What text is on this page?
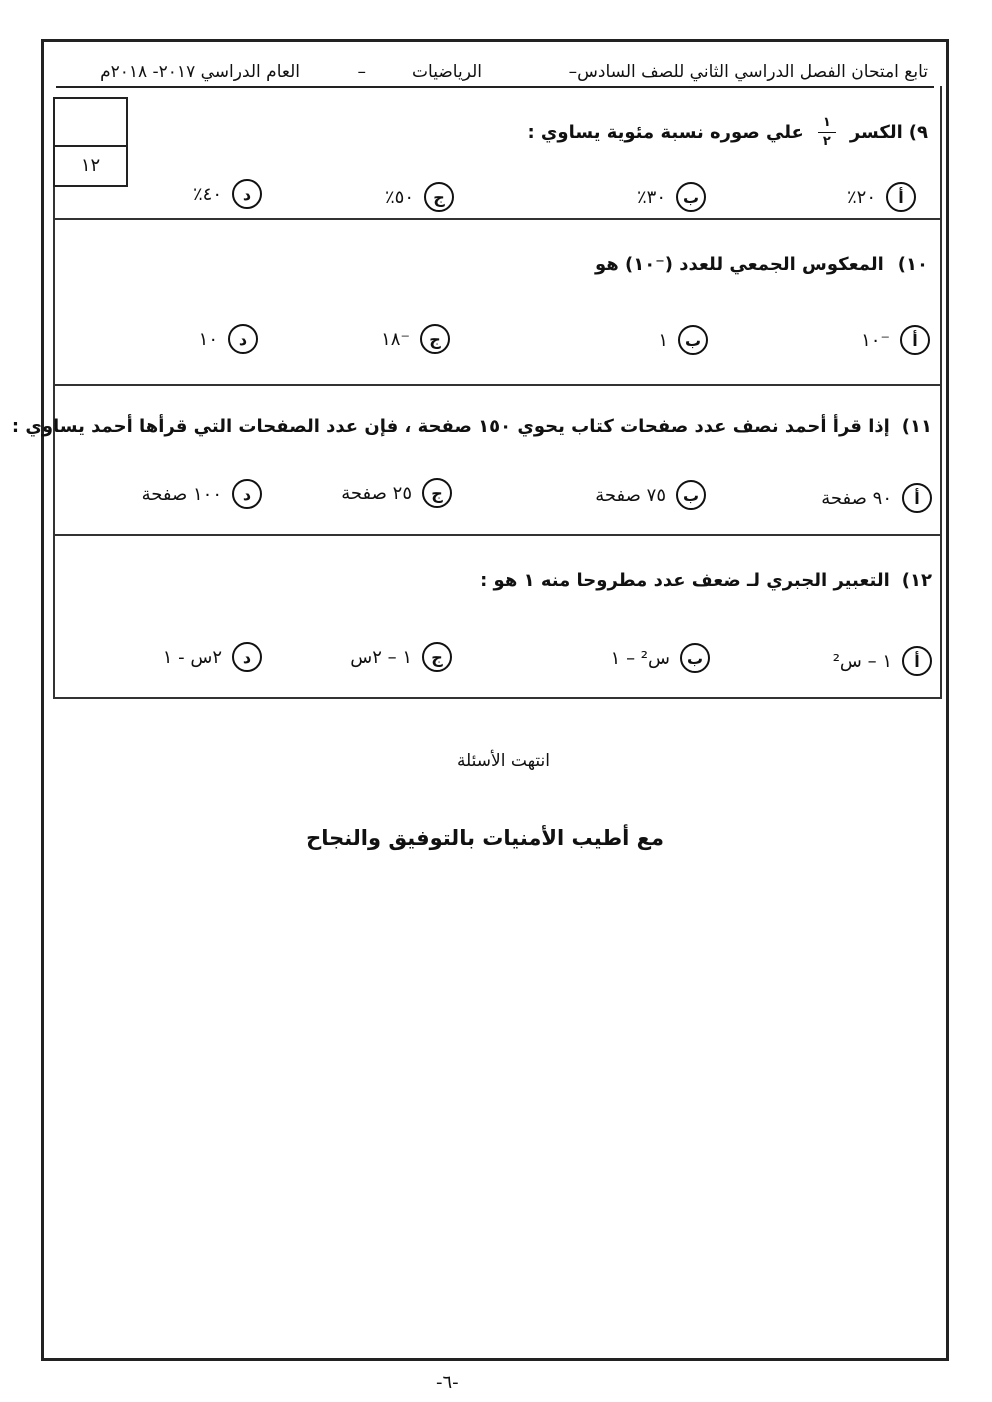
تابع امتحان الفصل الدراسي الثاني للصف السادس–
الرياضيات
–
العام الدراسي ٢٠١٧- ٢٠١٨م
١٢
٩)
الكسر
$\frac{١}{٢}$
علي صوره نسبة مئوية يساوي :
أ
٢٠٪
ب
٣٠٪
ج
٥٠٪
د
٤٠٪
١٠)
المعكوس الجمعي للعدد (⁻١٠) هو
أ
⁻١٠
ب
١
ج
⁻١٨
د
١٠
١١)
إذا قرأ أحمد نصف عدد صفحات كتاب يحوي ١٥٠ صفحة ، فإن عدد الصفحات التي قرأها أحمد يساوي :
أ
٩٠ صفحة
ب
٧٥ صفحة
ج
٢٥ صفحة
د
١٠٠ صفحة
١٢)
التعبير الجبري لـ ضعف عدد مطروحا منه ١ هو :
أ
١ – س²
ب
س² – ١
ج
١ – ٢س
د
٢س - ١
انتهت الأسئلة
مع أطيب الأمنيات بالتوفيق والنجاح
-٦-
